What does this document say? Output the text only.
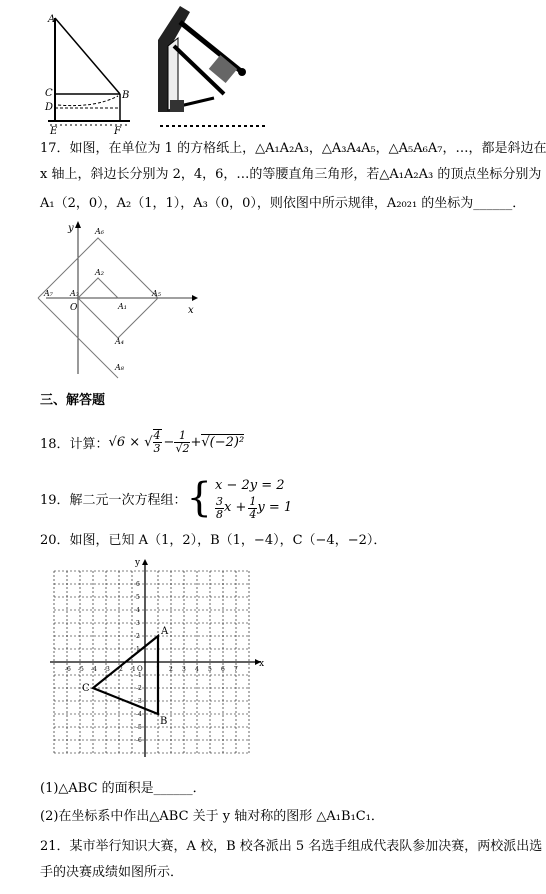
A
C
D
B
E	F
17．如图，在单位为 1 的方格纸上，△A₁A₂A₃，△A₃A₄A₅，△A₅A₆A₇，…，都是斜边在
x 轴上，斜边长分别为 2，4，6，…的等腰直角三角形，若△A₁A₂A₃ 的顶点坐标分别为
A₁（2，0），A₂（1，1），A₃（0，0），则依图中所示规律，A₂₀₂₁ 的坐标为______．
y
x
O	A₁
A₂
A₃
A₄
A₅
A₆
A₇
A₈
三、解答题
18．计算： √6 × √ $\frac{4}{3} - \frac{1}{√2} + √(-2)^2$
19．解二元一次方程组： { x − 2y = 2
$\frac{3}{8}$ $x + \frac{1}{4}$ y = 1
20．如图，已知 A（1，2），B（1，−4），C（−4，−2）．
-6 -5 -4 -3 -2 -1	1 2 3 4 5 6 7
-6
-5
-4
-3
-2
-1
1
2
3
4
5
6
A
B
C
x
y
O
(1)△ABC 的面积是______．
(2)在坐标系中作出△ABC 关于 y 轴对称的图形 △A₁B₁C₁．
21．某市举行知识大赛，A 校，B 校各派出 5 名选手组成代表队参加决赛，两校派出选
手的决赛成绩如图所示．
